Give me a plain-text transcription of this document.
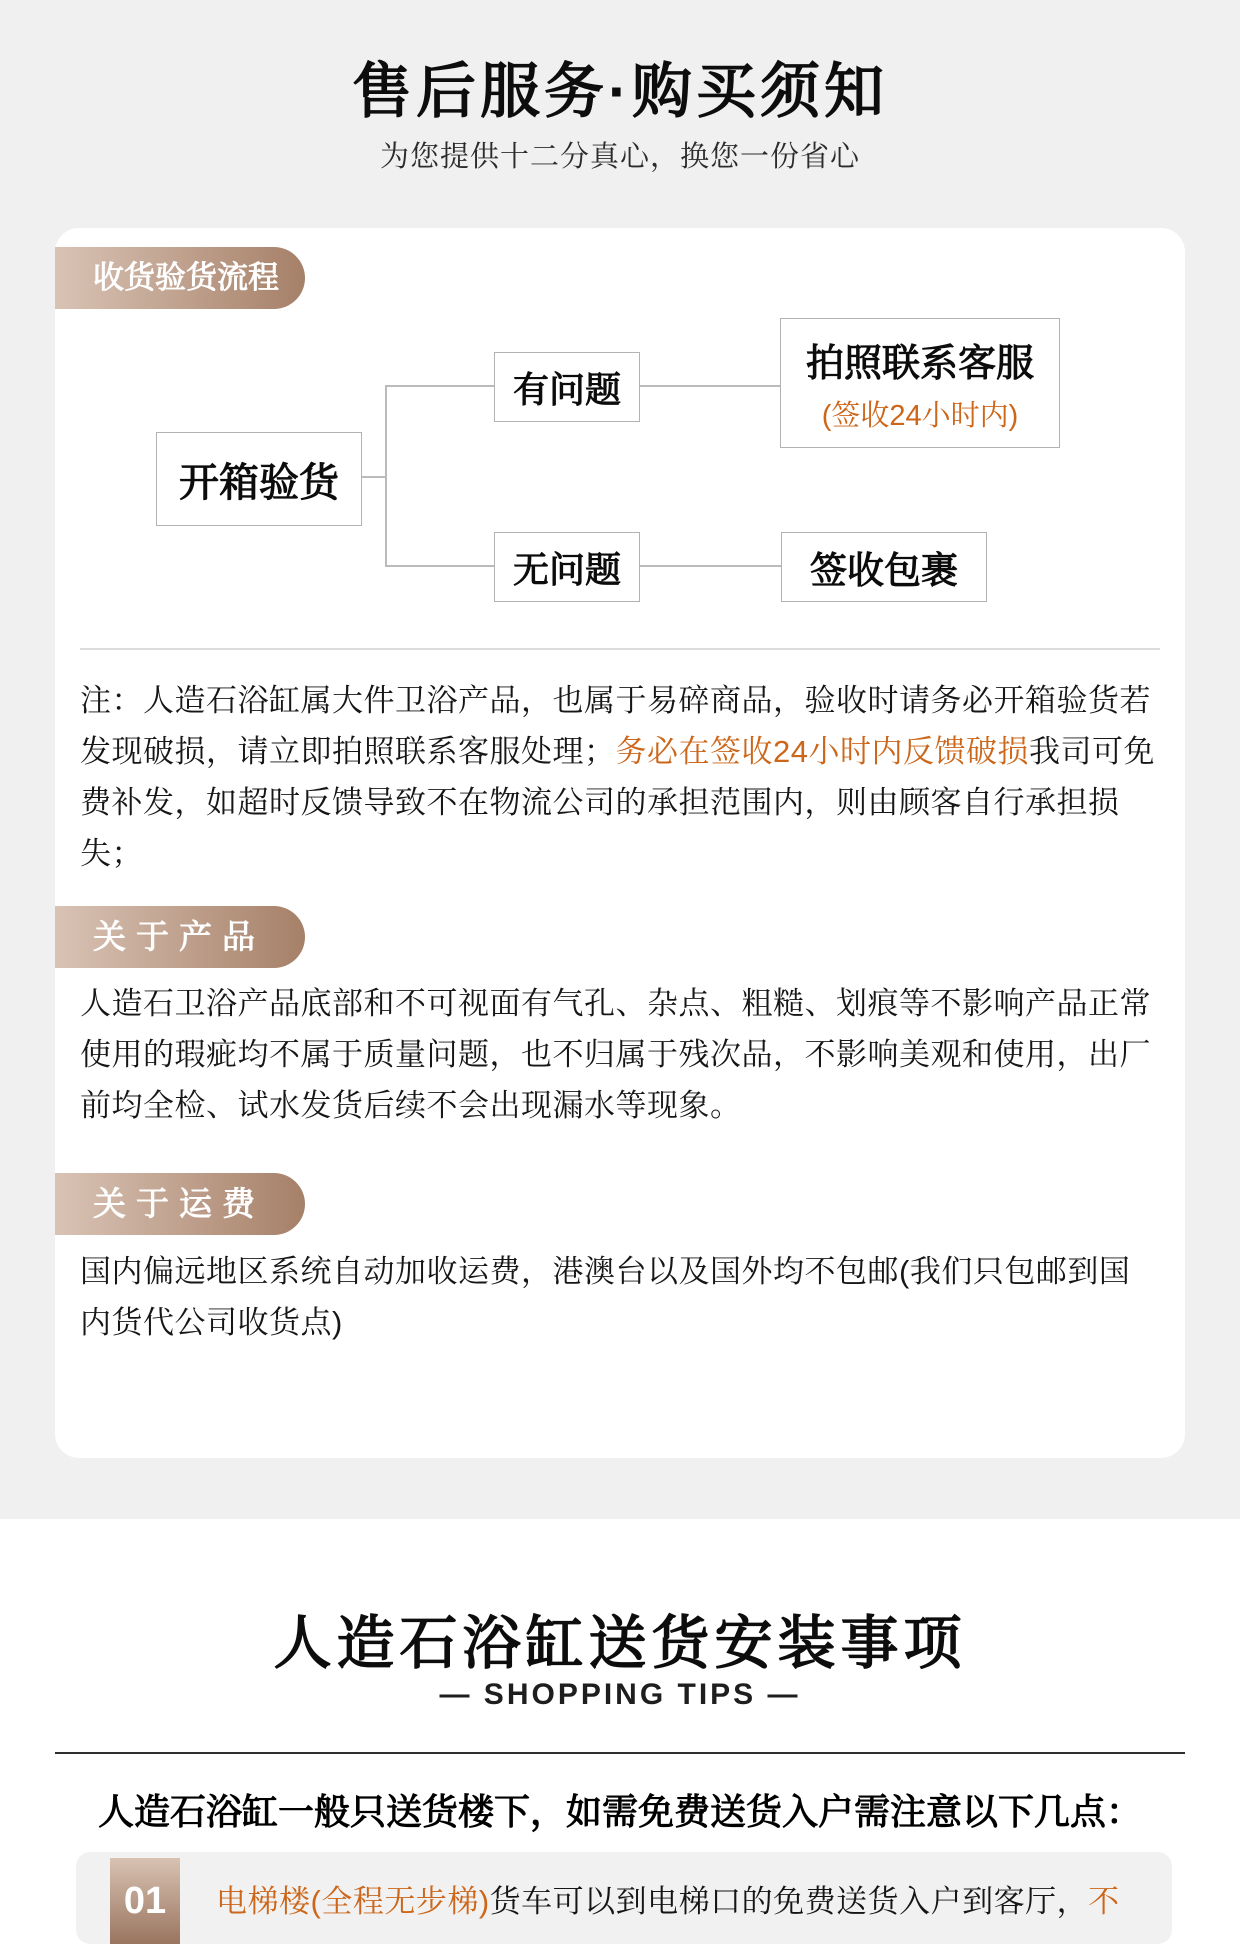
售后服务·购买须知
为您提供十二分真心，换您一份省心
收货验货流程
开箱验货
有问题
无问题
拍照联系客服
(签收24小时内)
签收包裹
注：人造石浴缸属大件卫浴产品，也属于易碎商品，验收时请务必开箱验货若发现破损，请立即拍照联系客服处理；务必在签收24小时内反馈破损我司可免费补发，如超时反馈导致不在物流公司的承担范围内，则由顾客自行承担损失；
关于产品
人造石卫浴产品底部和不可视面有气孔、杂点、粗糙、划痕等不影响产品正常使用的瑕疵均不属于质量问题，也不归属于残次品，不影响美观和使用，出厂前均全检、试水发货后续不会出现漏水等现象。
关于运费
国内偏远地区系统自动加收运费，港澳台以及国外均不包邮(我们只包邮到国内货代公司收货点)
人造石浴缸送货安装事项
— SHOPPING TIPS —
人造石浴缸一般只送货楼下，如需免费送货入户需注意以下几点：
01	电梯楼(全程无步梯)货车可以到电梯口的免费送货入户到客厅，不
